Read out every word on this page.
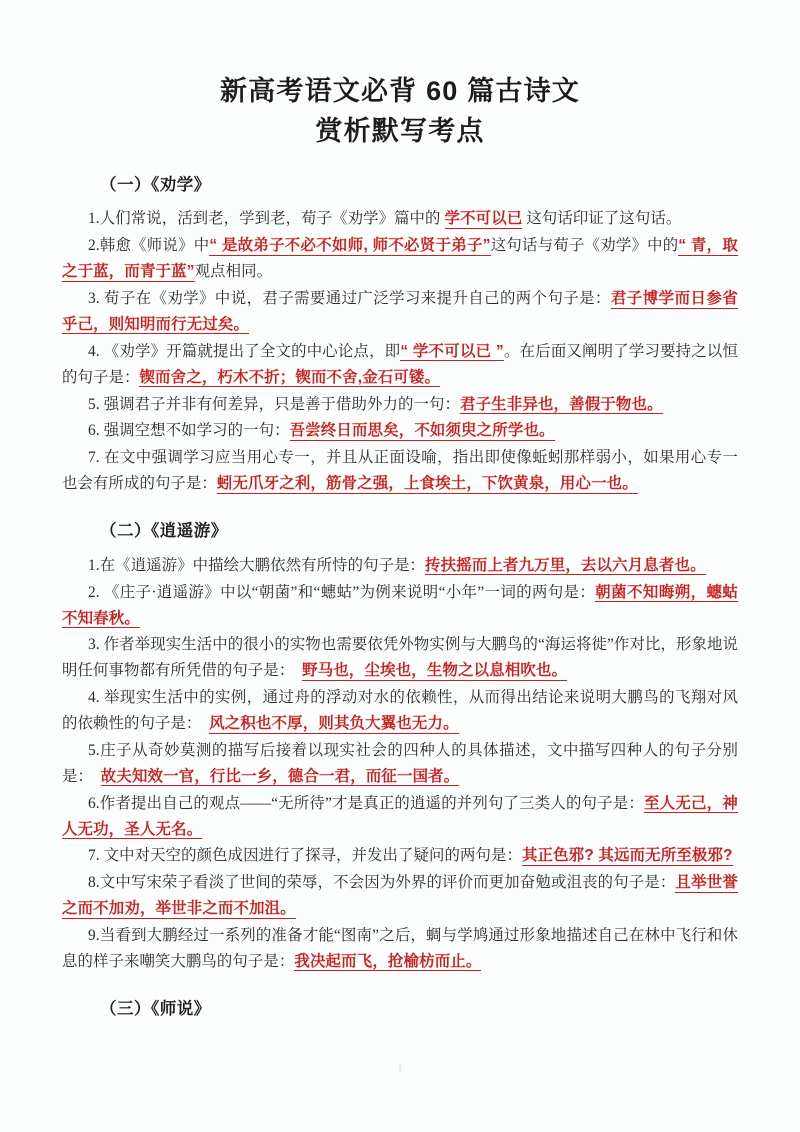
新高考语文必背 60 篇古诗文
赏析默写考点
（一）《劝学》

1.人们常说，活到老，学到老，荀子《劝学》篇中的 学不可以已 这句话印证了这句话。

2.韩愈《师说》中“ 是故弟子不必不如师, 师不必贤于弟子”这句话与荀子《劝学》中的“ 青，取之于蓝，而青于蓝”观点相同。

3. 荀子在《劝学》中说，君子需要通过广泛学习来提升自己的两个句子是：君子博学而日参省乎己，则知明而行无过矣。

4. 《劝学》开篇就提出了全文的中心论点，即“ 学不可以已 ”。在后面又阐明了学习要持之以恒的句子是：锲而舍之，朽木不折；锲而不舍,金石可镂。

5. 强调君子并非有何差异，只是善于借助外力的一句：君子生非异也，善假于物也。

6. 强调空想不如学习的一句：吾尝终日而思矣，不如须臾之所学也。

7. 在文中强调学习应当用心专一，并且从正面设喻，指出即使像蚯蚓那样弱小，如果用心专一也会有所成的句子是：蚓无爪牙之利，筋骨之强，上食埃土，下饮黄泉，用心一也。

（二）《逍遥游》

1.在《逍遥游》中描绘大鹏依然有所恃的句子是：抟扶摇而上者九万里，去以六月息者也。

2. 《庄子·逍遥游》中以“朝菌”和“蟪蛄”为例来说明“小年”一词的两句是：朝菌不知晦朔，蟪蛄不知春秋。

3. 作者举现实生活中的很小的实物也需要依凭外物实例与大鹏鸟的“海运将徙”作对比，形象地说明任何事物都有所凭借的句子是：　野马也，尘埃也，生物之以息相吹也。

4. 举现实生活中的实例，通过舟的浮动对水的依赖性，从而得出结论来说明大鹏鸟的飞翔对风的依赖性的句子是：　风之积也不厚，则其负大翼也无力。

5.庄子从奇妙莫测的描写后接着以现实社会的四种人的具体描述，文中描写四种人的句子分别是：　故夫知效一官，行比一乡，德合一君，而征一国者。

6.作者提出自己的观点——“无所待”才是真正的逍遥的并列句了三类人的句子是：至人无己，神人无功，圣人无名。

7. 文中对天空的颜色成因进行了探寻，并发出了疑问的两句是：其正色邪? 其远而无所至极邪?

8.文中写宋荣子看淡了世间的荣辱，不会因为外界的评价而更加奋勉或沮丧的句子是：且举世誉之而不加劝，举世非之而不加沮。

9.当看到大鹏经过一系列的准备才能“图南”之后，蜩与学鸠通过形象地描述自己在林中飞行和休息的样子来嘲笑大鹏鸟的句子是：我决起而飞，抢榆枋而止。

（三）《师说》
1
